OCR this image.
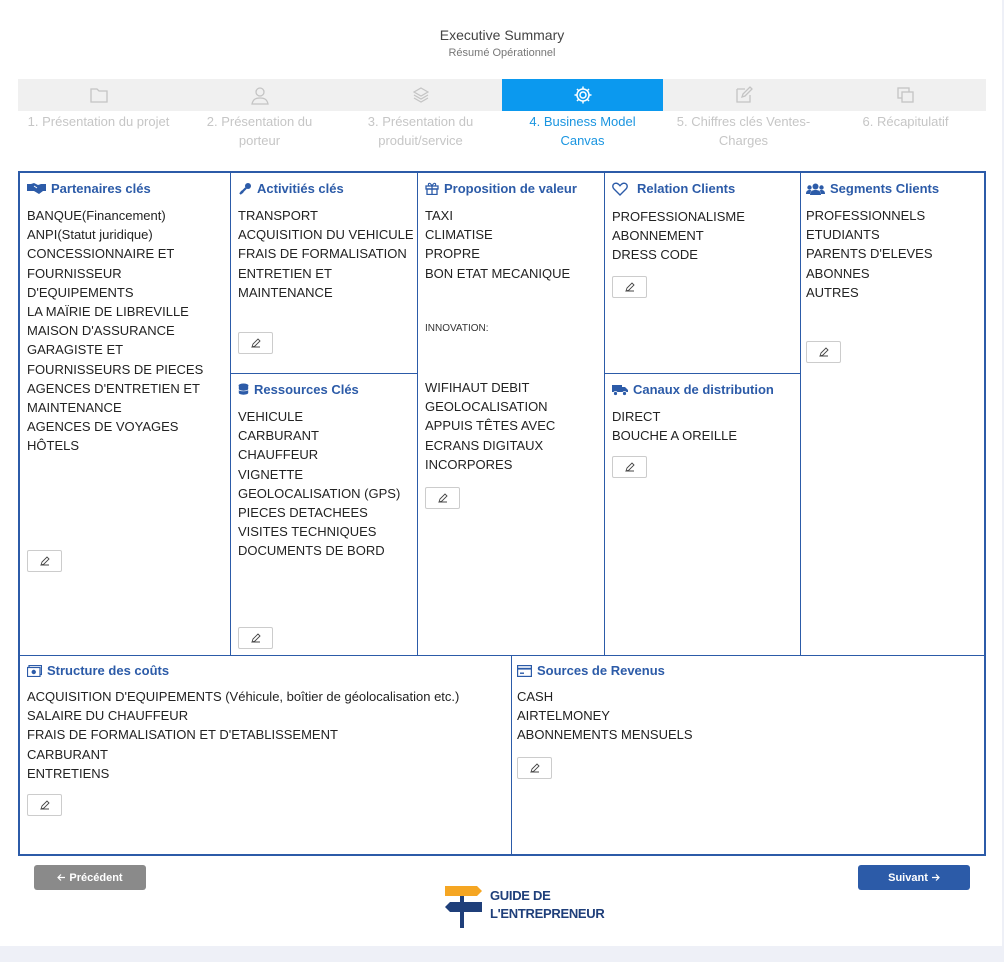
Executive Summary
Résumé Opérationnel
1. Présentation du projet	2. Présentation du porteur
3. Présentation du produit/service
4. Business Model Canvas
5. Chiffres clés Ventes-Charges
6. Récapitulatif
Partenaires clés
BANQUE(Financement)
ANPI(Statut juridique)
CONCESSIONNAIRE ET FOURNISSEUR D'EQUIPEMENTS
LA MAÏRIE DE LIBREVILLE
MAISON D'ASSURANCE
GARAGISTE ET FOURNISSEURS DE PIECES
AGENCES D'ENTRETIEN ET MAINTENANCE
AGENCES DE VOYAGES
HÔTELS
Activitiés clés
TRANSPORT
ACQUISITION DU VEHICULE
FRAIS DE FORMALISATION
ENTRETIEN ET MAINTENANCE
Ressources Clés
VEHICULE
CARBURANT
CHAUFFEUR
VIGNETTE
GEOLOCALISATION (GPS)
PIECES DETACHEES
VISITES TECHNIQUES
DOCUMENTS DE BORD
Proposition de valeur
TAXI
CLIMATISE
PROPRE
BON ETAT MECANIQUE
INNOVATION:
WIFIHAUT DEBIT
GEOLOCALISATION
APPUIS TÊTES AVEC ECRANS DIGITAUX INCORPORES
Relation Clients
PROFESSIONALISME
ABONNEMENT
DRESS CODE
Canaux de distribution
DIRECT
BOUCHE A OREILLE
Segments Clients
PROFESSIONNELS
ETUDIANTS
PARENTS D'ELEVES
ABONNES
AUTRES
Structure des coûts
ACQUISITION D'EQUIPEMENTS (Véhicule, boîtier de géolocalisation etc.)
SALAIRE DU CHAUFFEUR
FRAIS DE FORMALISATION ET D'ETABLISSEMENT
CARBURANT
ENTRETIENS
Sources de Revenus
CASH
AIRTELMONEY
ABONNEMENTS MENSUELS
Précédent	Suivant
GUIDE DE
L'ENTREPRENEUR
